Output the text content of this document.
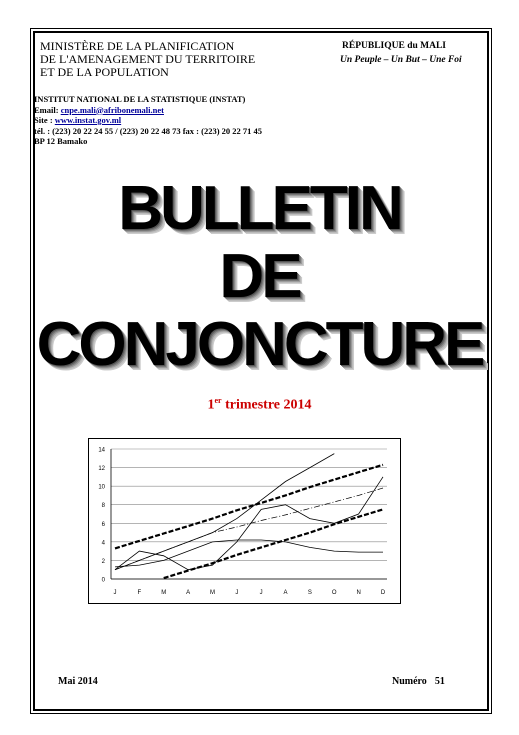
MINISTÈRE DE LA PLANIFICATION
DE L'AMENAGEMENT DU TERRITOIRE
ET DE LA POPULATION
RÉPUBLIQUE du MALI
Un Peuple – Un But – Une Foi
INSTITUT NATIONAL DE LA STATISTIQUE (INSTAT)
Email: cnpe.mali@afribonemali.net
Site : www.instat.gov.ml
tél. : (223) 20 22 24 55 / (223) 20 22 48 73 fax : (223) 20 22 71 45
BP 12 Bamako
BULLETIN
DE
CONJONCTURE
1er trimestre 2014
0
2
4
6
8
10
12
14
J	F	M	A	M	J	J	A	S	O	N	D
Mai 2014	Numéro 51
